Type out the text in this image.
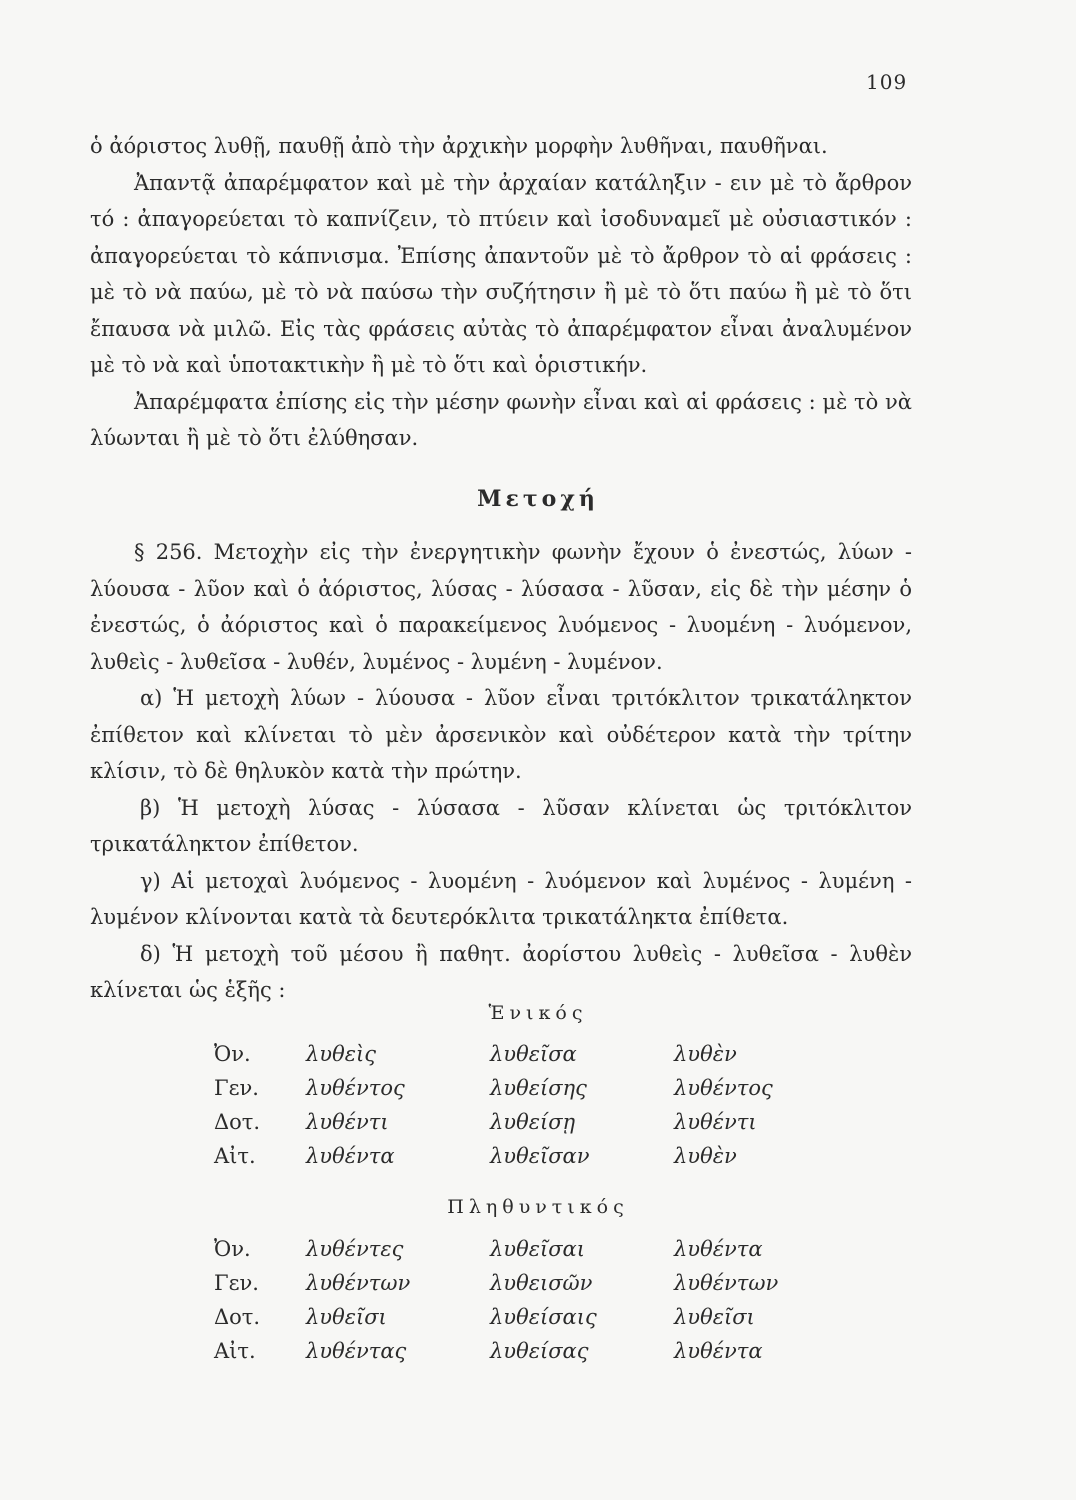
109

ὁ ἀόριστος λυθῇ, παυθῇ ἀπὸ τὴν ἀρχικὴν μορφὴν λυθῆναι, παυθῆναι.

Ἀπαντᾷ ἀπαρέμφατον καὶ μὲ τὴν ἀρχαίαν κατάληξιν - ειν μὲ τὸ ἄρθρον τό : ἀπαγορεύεται τὸ καπνίζειν, τὸ πτύειν καὶ ἰσοδυναμεῖ μὲ οὐσιαστικόν : ἀπαγορεύεται τὸ κάπνισμα. Ἐπίσης ἀπαντοῦν μὲ τὸ ἄρθρον τὸ αἱ φράσεις : μὲ τὸ νὰ παύω, μὲ τὸ νὰ παύσω τὴν συζήτησιν ἢ μὲ τὸ ὅτι παύω ἢ μὲ τὸ ὅτι ἔπαυσα νὰ μιλῶ. Εἰς τὰς φράσεις αὐτὰς τὸ ἀπαρέμφατον εἶναι ἀναλυμένον μὲ τὸ νὰ καὶ ὑποτακτικὴν ἢ μὲ τὸ ὅτι καὶ ὁριστικήν.

Ἀπαρέμφατα ἐπίσης εἰς τὴν μέσην φωνὴν εἶναι καὶ αἱ φράσεις : μὲ τὸ νὰ λύωνται ἢ μὲ τὸ ὅτι ἐλύθησαν.

Μετοχή

§ 256. Μετοχὴν εἰς τὴν ἐνεργητικὴν φωνὴν ἔχουν ὁ ἐνεστώς, λύων - λύουσα - λῦον καὶ ὁ ἀόριστος, λύσας - λύσασα - λῦσαν, εἰς δὲ τὴν μέσην ὁ ἐνεστώς, ὁ ἀόριστος καὶ ὁ παρακείμενος λυόμενος - λυομένη - λυόμενον, λυθεὶς - λυθεῖσα - λυθέν, λυμένος - λυμένη - λυμένον.

α) Ἡ μετοχὴ λύων - λύουσα - λῦον εἶναι τριτόκλιτον τρικατάληκτον ἐπίθετον καὶ κλίνεται τὸ μὲν ἀρσενικὸν καὶ οὐδέτερον κατὰ τὴν τρίτην κλίσιν, τὸ δὲ θηλυκὸν κατὰ τὴν πρώτην.

β) Ἡ μετοχὴ λύσας - λύσασα - λῦσαν κλίνεται ὡς τριτόκλιτον τρικατάληκτον ἐπίθετον.

γ) Αἱ μετοχαὶ λυόμενος - λυομένη - λυόμενον καὶ λυμένος - λυμένη - λυμένον κλίνονται κατὰ τὰ δευτερόκλιτα τρικατάληκτα ἐπίθετα.

δ) Ἡ μετοχὴ τοῦ μέσου ἢ παθητ. ἀορίστου λυθεὶς - λυθεῖσα - λυθὲν κλίνεται ὡς ἑξῆς :

Ἑνικός
Ὀν.	λυθεὶς	λυθεῖσα	λυθὲν
Γεν.	λυθέντος	λυθείσης	λυθέντος
Δοτ.	λυθέντι	λυθείσῃ	λυθέντι
Αἰτ.	λυθέντα	λυθεῖσαν	λυθὲν
Πληθυντικός
Ὀν.	λυθέντες	λυθεῖσαι	λυθέντα
Γεν.	λυθέντων	λυθεισῶν	λυθέντων
Δοτ.	λυθεῖσι	λυθείσαις	λυθεῖσι
Αἰτ.	λυθέντας	λυθείσας	λυθέντα
